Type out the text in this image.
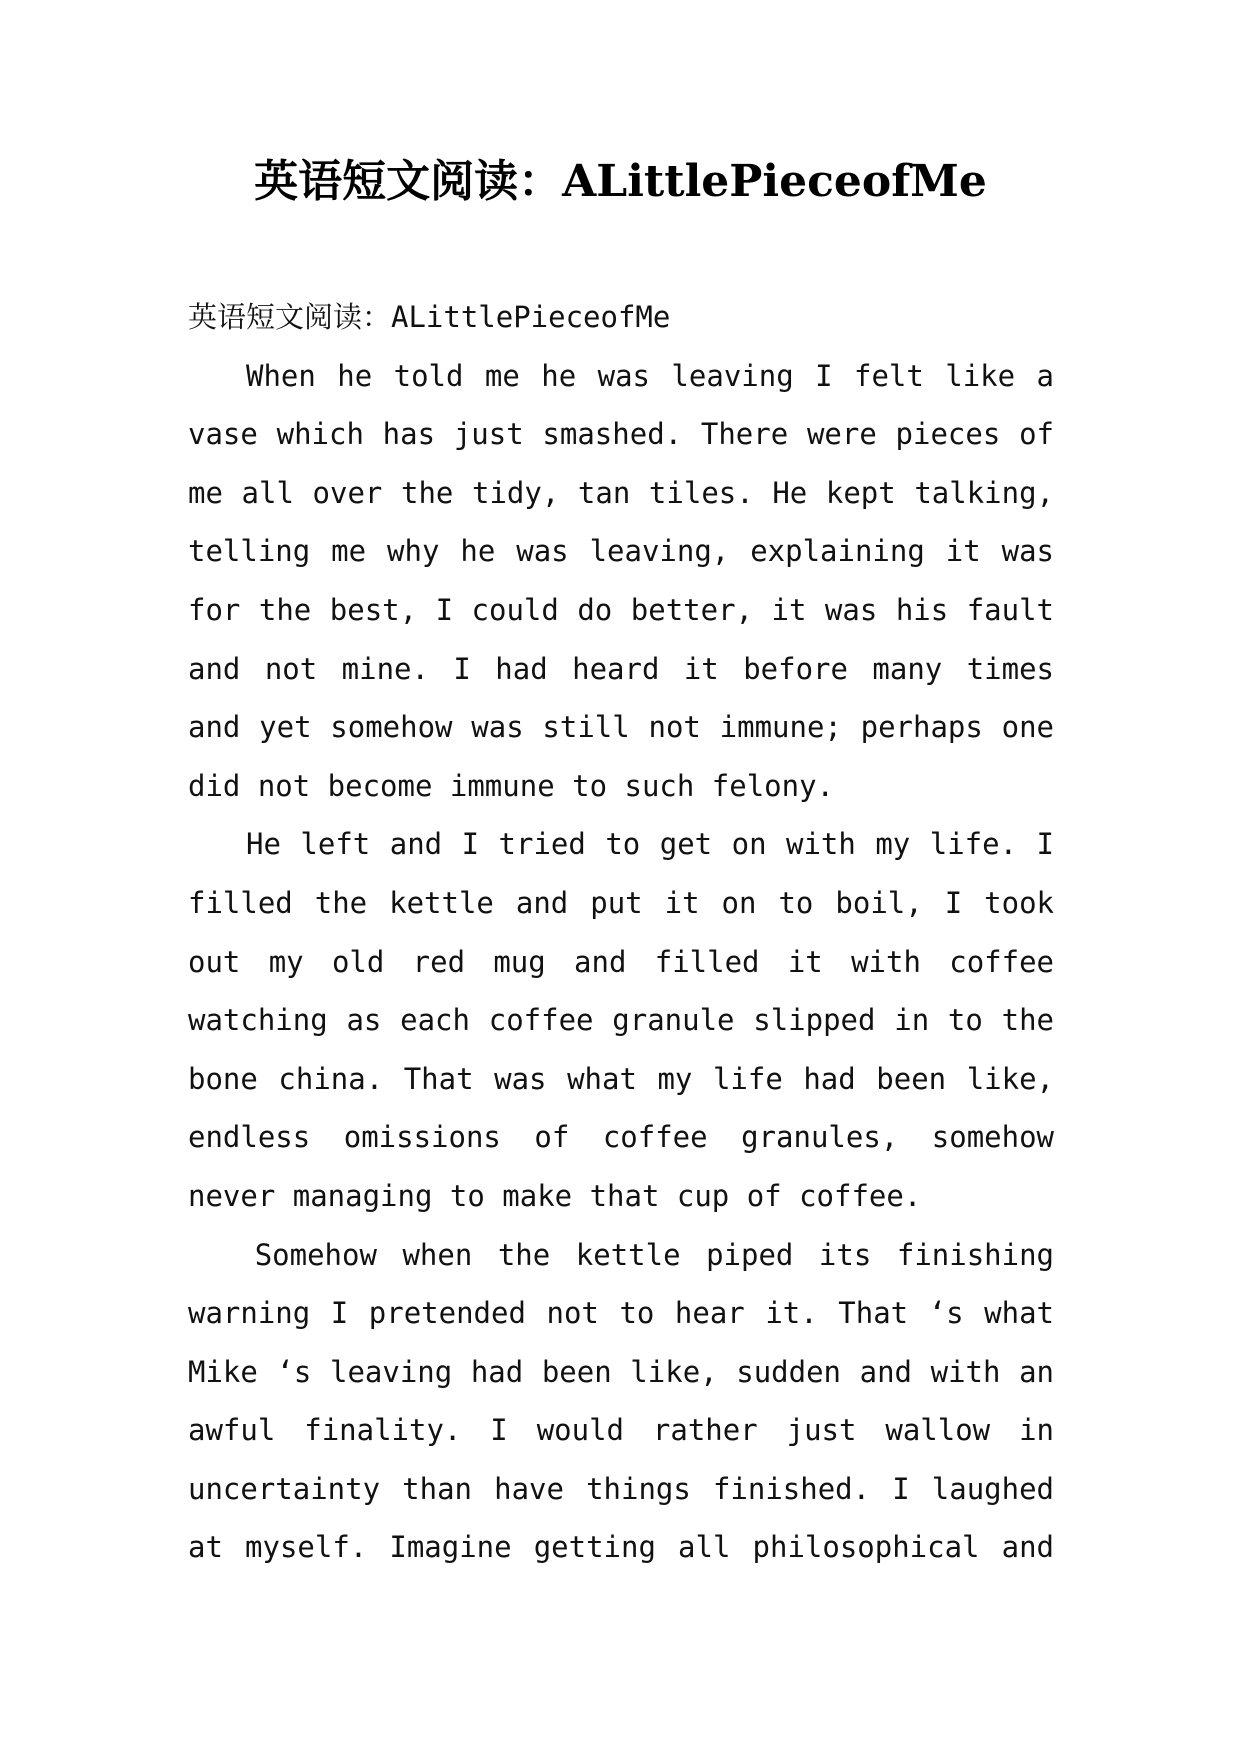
英语短文阅读：ALittlePieceofMe

英语短文阅读：ALittlePieceofMe

When he told me he was leaving I felt like a vase which has just smashed. There were pieces of me all over the tidy, tan tiles. He kept talking, telling me why he was leaving, explaining it was for the best, I could do better, it was his fault and not mine. I had heard it before many times and yet somehow was still not immune; perhaps one did not become immune to such felony.

He left and I tried to get on with my life. I filled the kettle and put it on to boil, I took out my old red mug and filled it with coffee watching as each coffee granule slipped in to the bone china. That was what my life had been like, endless omissions of coffee granules, somehow never managing to make that cup of coffee.

Somehow when the kettle piped its finishing warning I pretended not to hear it. That ‘s what Mike ‘s leaving had been like, sudden and with an awful finality. I would rather just wallow in uncertainty than have things finished. I laughed at myself. Imagine getting all philosophical and
